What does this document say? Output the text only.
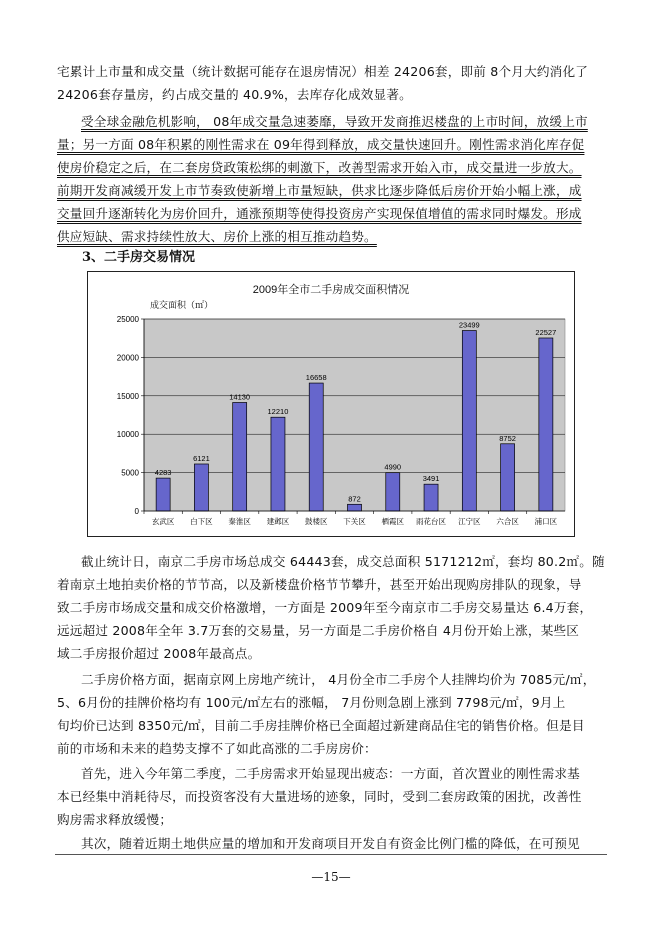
宅累计上市量和成交量（统计数据可能存在退房情况）相差 24206套，即前 8个月大约消化了
24206套存量房，约占成交量的 40.9%，去库存化成效显著。
受全球金融危机影响， 08年成交量急速萎靡，导致开发商推迟楼盘的上市时间，放缓上市
量；另一方面 08年积累的刚性需求在 09年得到释放，成交量快速回升。刚性需求消化库存促
使房价稳定之后，在二套房贷政策松绑的刺激下，改善型需求开始入市，成交量进一步放大。
前期开发商减缓开发上市节奏致使新增上市量短缺，供求比逐步降低后房价开始小幅上涨，成
交量回升逐渐转化为房价回升，通涨预期等使得投资房产实现保值增值的需求同时爆发。形成
供应短缺、需求持续性放大、房价上涨的相互推动趋势。
3、二手房交易情况
2009年全市二手房成交面积情况
成交面积（㎡）
0
5000
10000
15000
20000
25000
4283
玄武区
6121
白下区
14130
秦淮区
12210
建邺区
16658
鼓楼区
872
下关区
4990
栖霞区
3491
雨花台区
23499
江宁区
8752
六合区
22527
浦口区
截止统计日，南京二手房市场总成交 64443套，成交总面积 5171212㎡，套均 80.2㎡。随
着南京土地拍卖价格的节节高，以及新楼盘价格节节攀升，甚至开始出现购房排队的现象，导
致二手房市场成交量和成交价格激增，一方面是 2009年至今南京市二手房交易量达 6.4万套，
远远超过 2008年全年 3.7万套的交易量，另一方面是二手房价格自 4月份开始上涨，某些区
域二手房报价超过 2008年最高点。
二手房价格方面，据南京网上房地产统计， 4月份全市二手房个人挂牌均价为 7085元/㎡，
5、6月份的挂牌价格均有 100元/㎡左右的涨幅， 7月份则急剧上涨到 7798元/㎡，9月上
旬均价已达到 8350元/㎡，目前二手房挂牌价格已全面超过新建商品住宅的销售价格。但是目
前的市场和未来的趋势支撑不了如此高涨的二手房房价：
首先，进入今年第二季度，二手房需求开始显现出疲态：一方面，首次置业的刚性需求基
本已经集中消耗待尽，而投资客没有大量进场的迹象，同时，受到二套房政策的困扰，改善性
购房需求释放缓慢；
其次，随着近期土地供应量的增加和开发商项目开发自有资金比例门槛的降低，在可预见
—15—
